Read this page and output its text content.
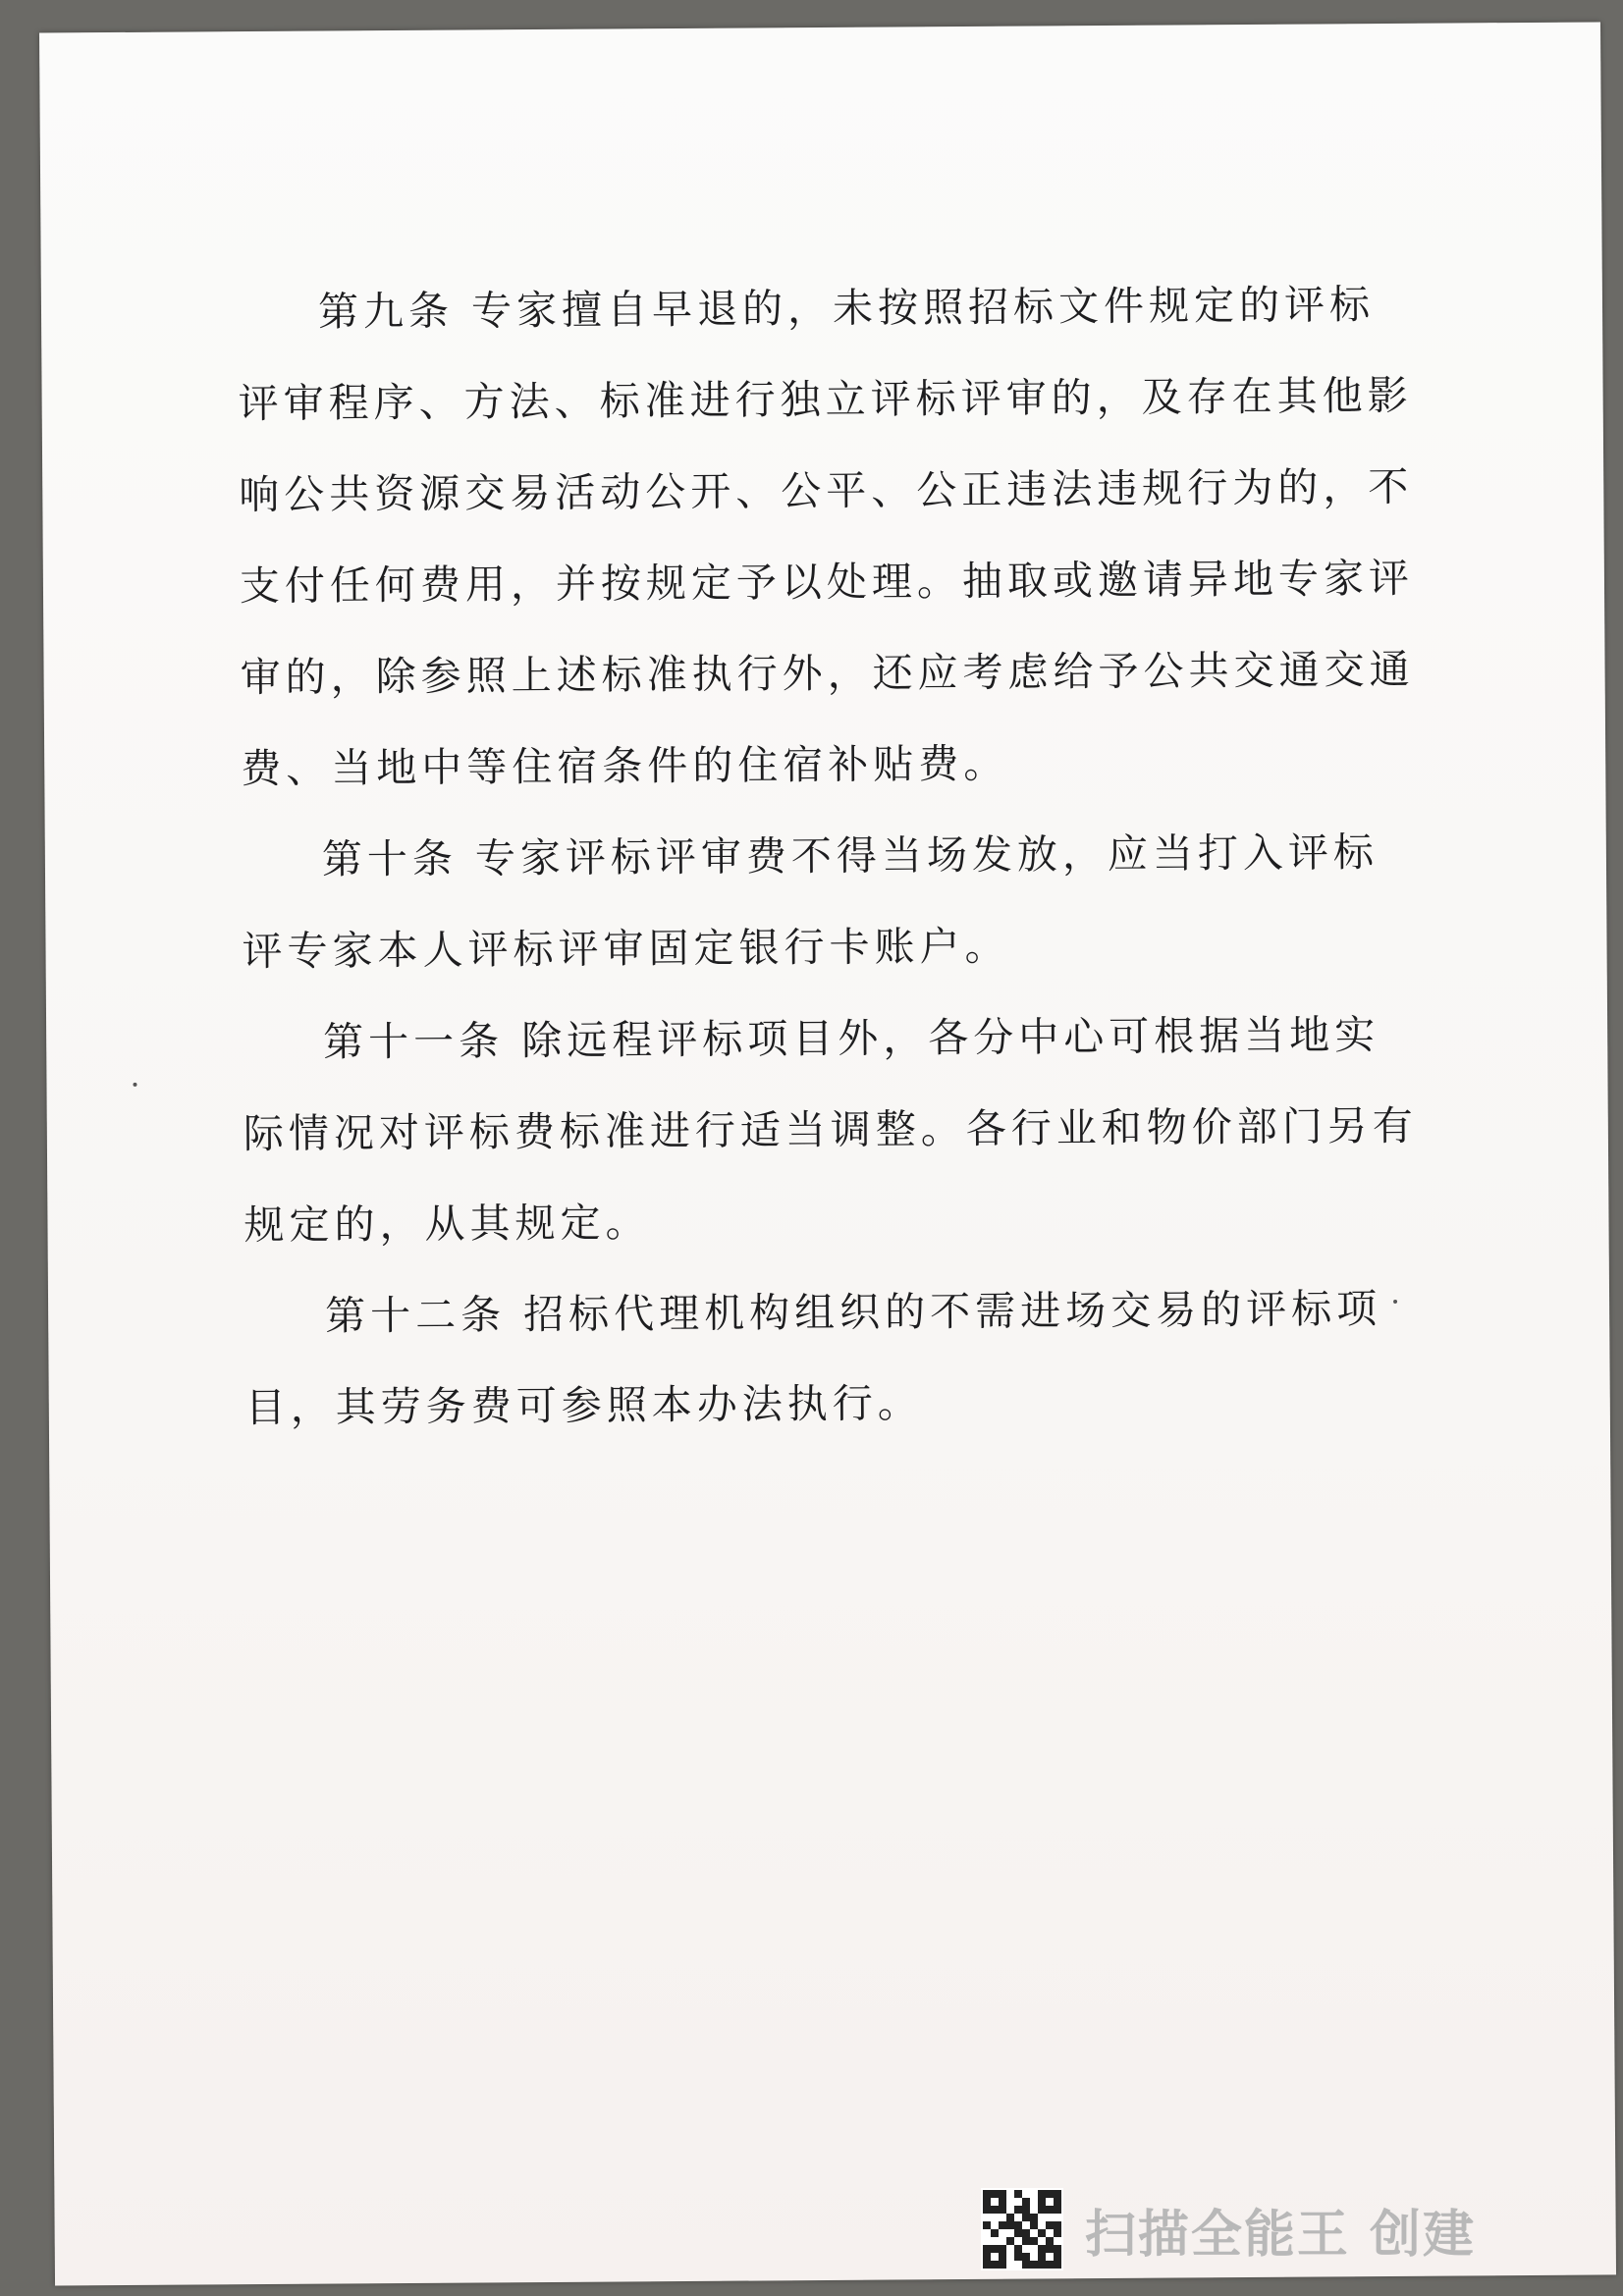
第九条 专家擅自早退的，未按照招标文件规定的评标
评审程序、方法、标准进行独立评标评审的，及存在其他影
响公共资源交易活动公开、公平、公正违法违规行为的，不
支付任何费用，并按规定予以处理。抽取或邀请异地专家评
审的，除参照上述标准执行外，还应考虑给予公共交通交通
费、当地中等住宿条件的住宿补贴费。

第十条 专家评标评审费不得当场发放，应当打入评标
评专家本人评标评审固定银行卡账户。

第十一条 除远程评标项目外，各分中心可根据当地实
际情况对评标费标准进行适当调整。各行业和物价部门另有
规定的，从其规定。

第十二条 招标代理机构组织的不需进场交易的评标项
目，其劳务费可参照本办法执行。

扫描全能王 创建
